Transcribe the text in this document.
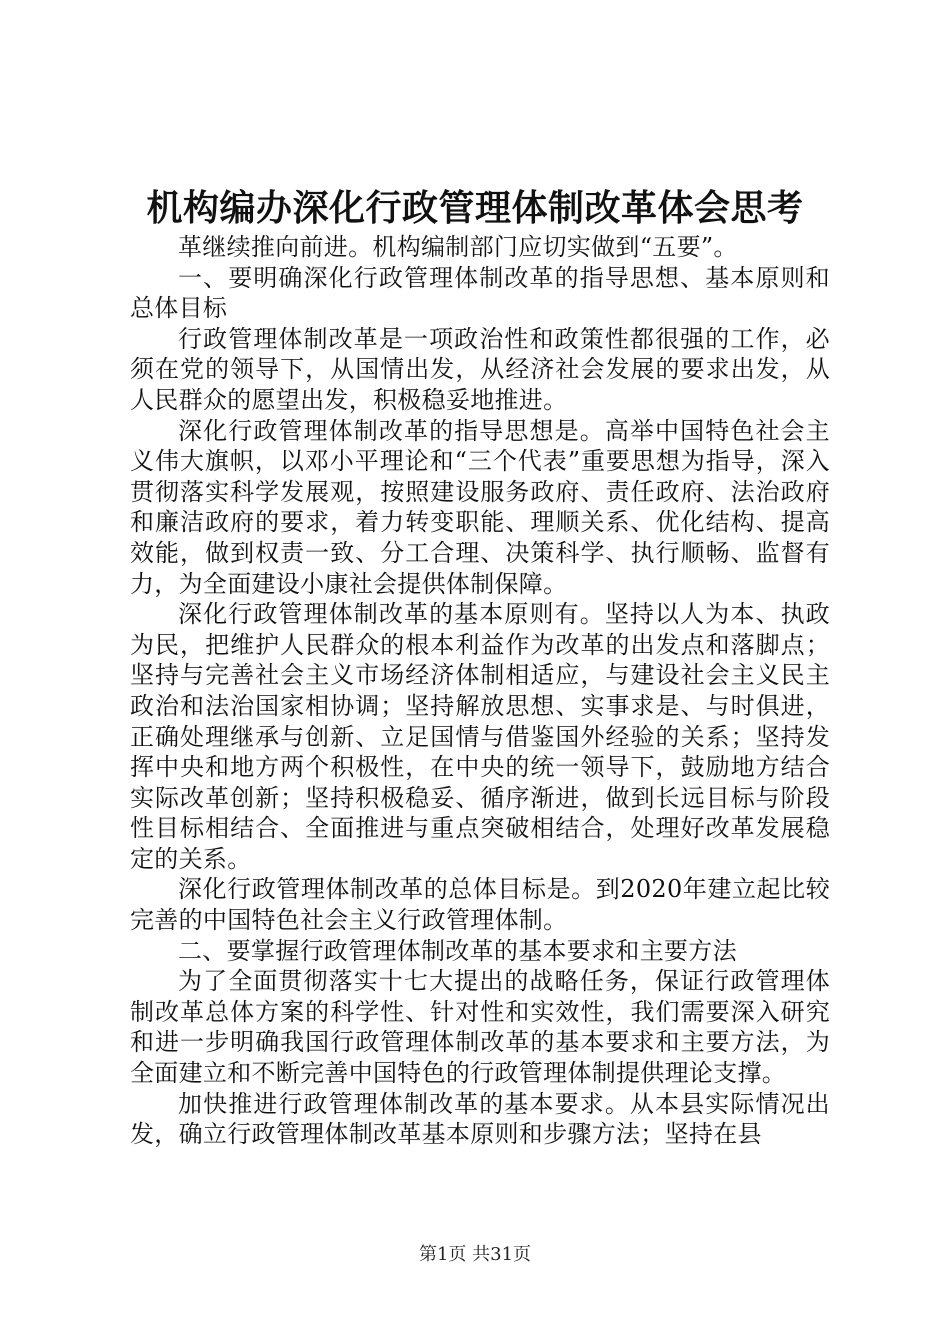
机构编办深化行政管理体制改革体会思考

革继续推向前进。机构编制部门应切实做到“五要”。

一、要明确深化行政管理体制改革的指导思想、基本原则和总体目标

行政管理体制改革是一项政治性和政策性都很强的工作，必须在党的领导下，从国情出发，从经济社会发展的要求出发，从人民群众的愿望出发，积极稳妥地推进。

深化行政管理体制改革的指导思想是。高举中国特色社会主义伟大旗帜，以邓小平理论和“三个代表”重要思想为指导，深入贯彻落实科学发展观，按照建设服务政府、责任政府、法治政府和廉洁政府的要求，着力转变职能、理顺关系、优化结构、提高效能，做到权责一致、分工合理、决策科学、执行顺畅、监督有力，为全面建设小康社会提供体制保障。

深化行政管理体制改革的基本原则有。坚持以人为本、执政为民，把维护人民群众的根本利益作为改革的出发点和落脚点；坚持与完善社会主义市场经济体制相适应，与建设社会主义民主政治和法治国家相协调；坚持解放思想、实事求是、与时俱进，正确处理继承与创新、立足国情与借鉴国外经验的关系；坚持发挥中央和地方两个积极性，在中央的统一领导下，鼓励地方结合实际改革创新；坚持积极稳妥、循序渐进，做到长远目标与阶段性目标相结合、全面推进与重点突破相结合，处理好改革发展稳定的关系。

深化行政管理体制改革的总体目标是。到2020年建立起比较完善的中国特色社会主义行政管理体制。

二、要掌握行政管理体制改革的基本要求和主要方法

为了全面贯彻落实十七大提出的战略任务，保证行政管理体制改革总体方案的科学性、针对性和实效性，我们需要深入研究和进一步明确我国行政管理体制改革的基本要求和主要方法，为全面建立和不断完善中国特色的行政管理体制提供理论支撑。

加快推进行政管理体制改革的基本要求。从本县实际情况出发，确立行政管理体制改革基本原则和步骤方法；坚持在县

第1页 共31页
